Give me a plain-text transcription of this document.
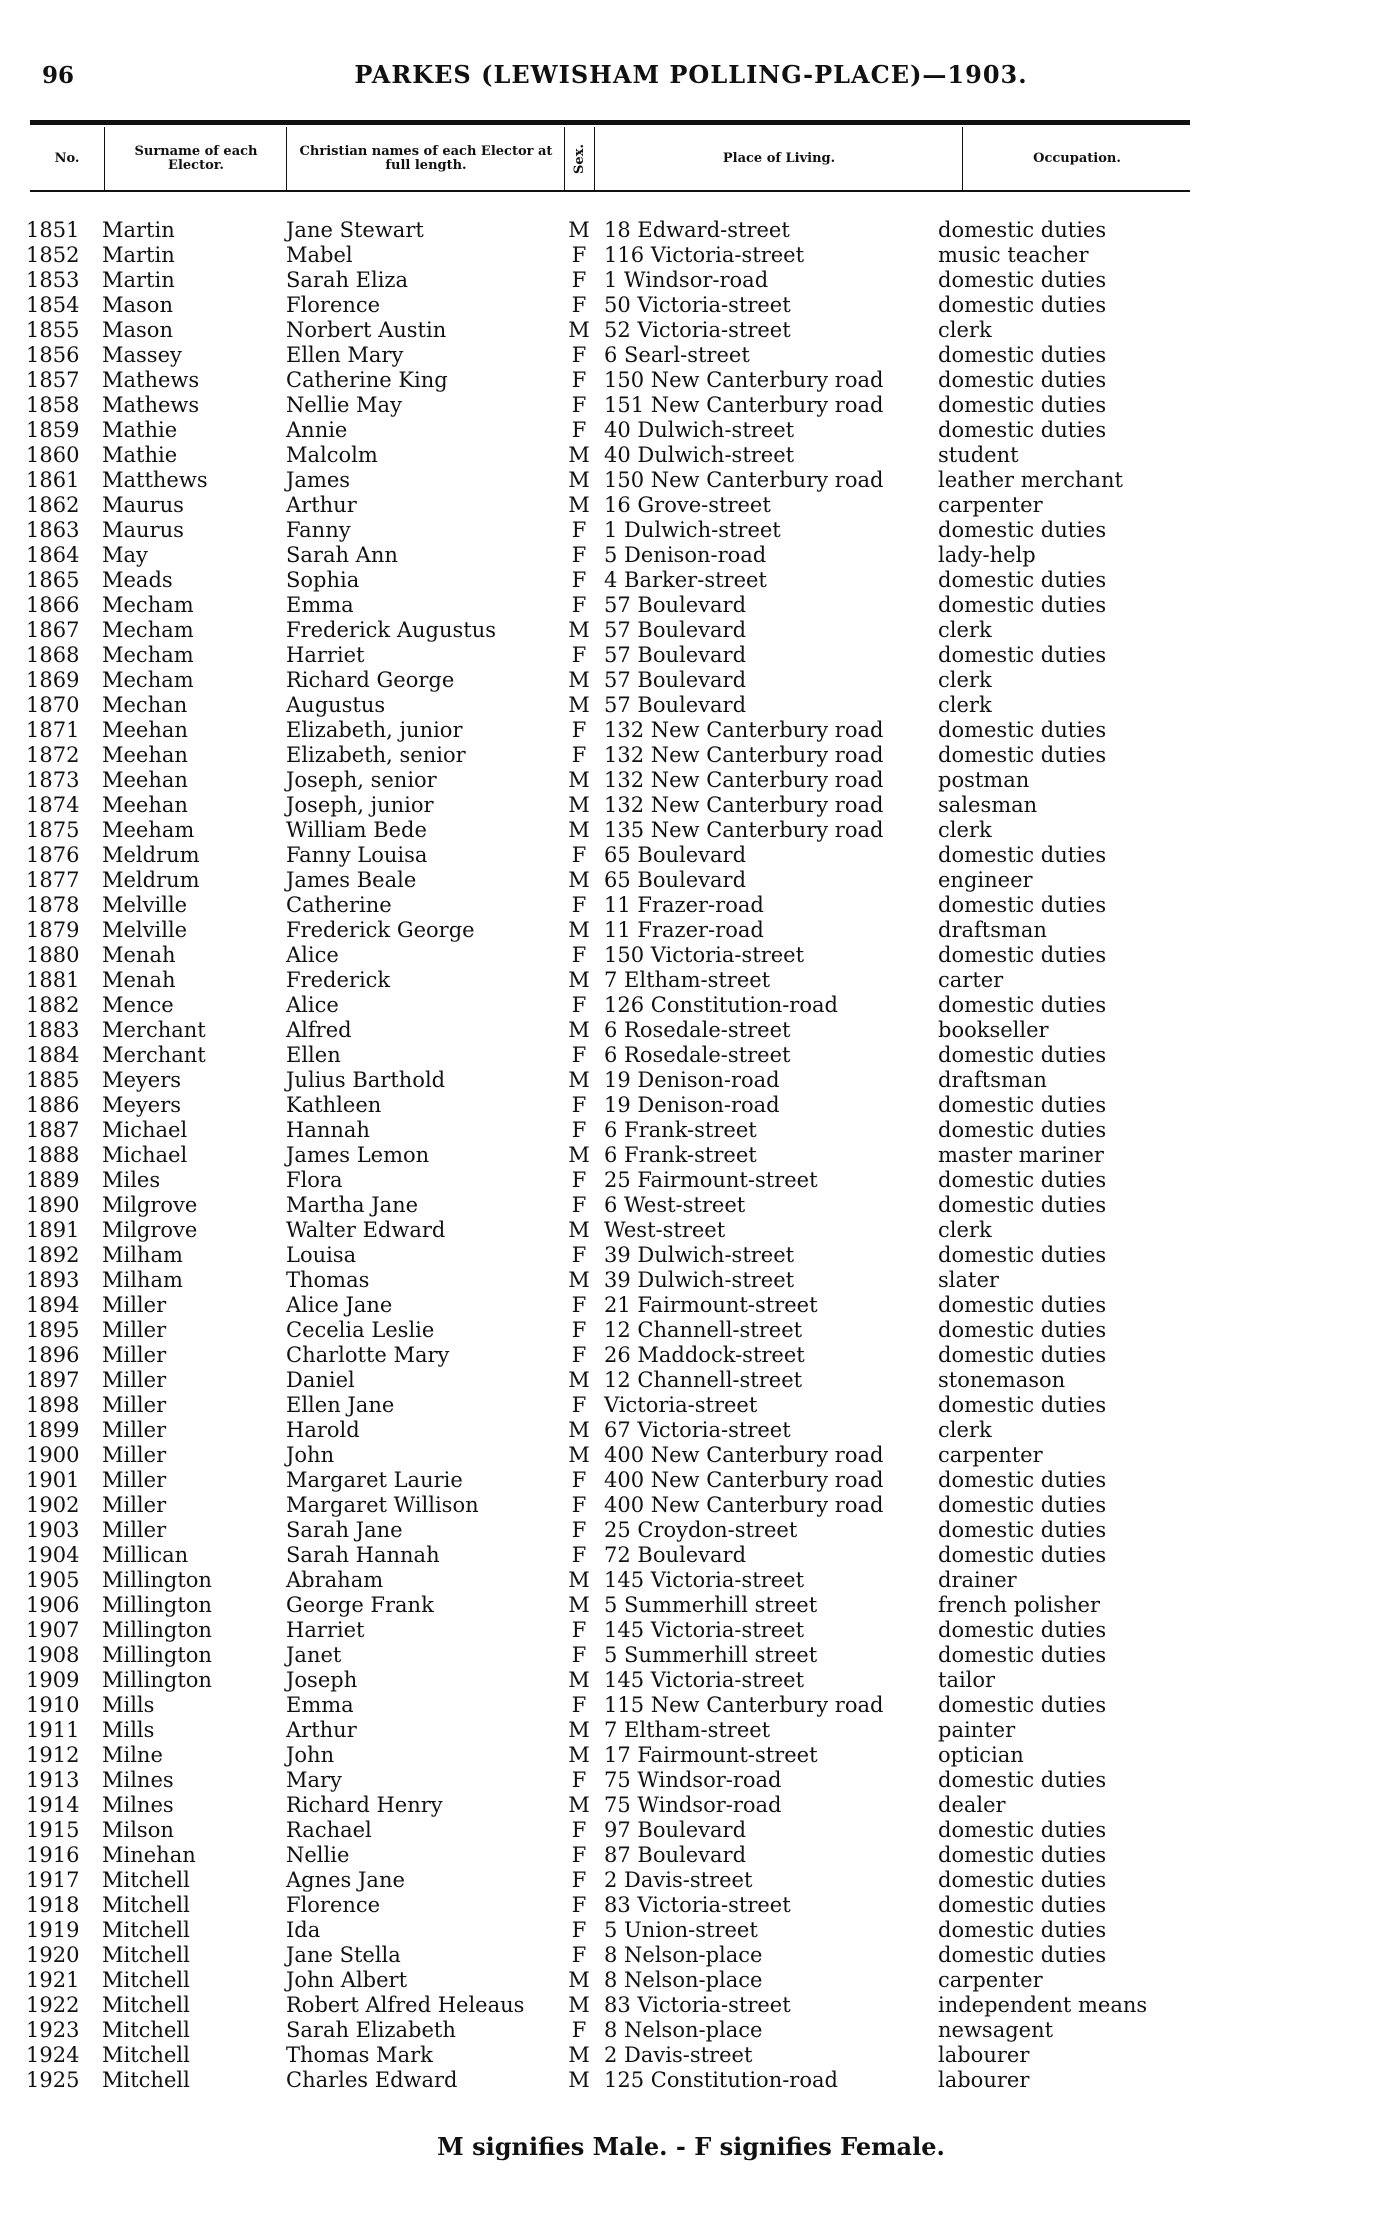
96	PARKES (LEWISHAM POLLING-PLACE)—1903.
No.	Surname of each Elector.
Christian names of each Elector at full length.	Sex.	Place of Living.	Occupation.
1851 Martin	Jane Stewart	M 18 Edward-street	domestic duties
1852 Martin	Mabel	F 116 Victoria-street	music teacher
1853 Martin	Sarah Eliza	F 1 Windsor-road	domestic duties
1854 Mason	Florence	F 50 Victoria-street	domestic duties
1855 Mason	Norbert Austin	M 52 Victoria-street	clerk
1856 Massey	Ellen Mary	F 6 Searl-street	domestic duties
1857 Mathews	Catherine King	F 150 New Canterbury road	domestic duties
1858 Mathews	Nellie May	F 151 New Canterbury road	domestic duties
1859 Mathie	Annie	F 40 Dulwich-street	domestic duties
1860 Mathie	Malcolm	M 40 Dulwich-street	student
1861 Matthews	James	M 150 New Canterbury road	leather merchant
1862 Maurus	Arthur	M 16 Grove-street	carpenter
1863 Maurus	Fanny	F 1 Dulwich-street	domestic duties
1864 May	Sarah Ann	F 5 Denison-road	lady-help
1865 Meads	Sophia	F 4 Barker-street	domestic duties
1866 Mecham	Emma	F 57 Boulevard	domestic duties
1867 Mecham	Frederick Augustus	M 57 Boulevard	clerk
1868 Mecham	Harriet	F 57 Boulevard	domestic duties
1869 Mecham	Richard George	M 57 Boulevard	clerk
1870 Mechan	Augustus	M 57 Boulevard	clerk
1871 Meehan	Elizabeth, junior	F 132 New Canterbury road	domestic duties
1872 Meehan	Elizabeth, senior	F 132 New Canterbury road	domestic duties
1873 Meehan	Joseph, senior	M 132 New Canterbury road	postman
1874 Meehan	Joseph, junior	M 132 New Canterbury road	salesman
1875 Meeham	William Bede	M 135 New Canterbury road	clerk
1876 Meldrum	Fanny Louisa	F 65 Boulevard	domestic duties
1877 Meldrum	James Beale	M 65 Boulevard	engineer
1878 Melville	Catherine	F 11 Frazer-road	domestic duties
1879 Melville	Frederick George	M 11 Frazer-road	draftsman
1880 Menah	Alice	F 150 Victoria-street	domestic duties
1881 Menah	Frederick	M 7 Eltham-street	carter
1882 Mence	Alice	F 126 Constitution-road	domestic duties
1883 Merchant	Alfred	M 6 Rosedale-street	bookseller
1884 Merchant	Ellen	F 6 Rosedale-street	domestic duties
1885 Meyers	Julius Barthold	M 19 Denison-road	draftsman
1886 Meyers	Kathleen	F 19 Denison-road	domestic duties
1887 Michael	Hannah	F 6 Frank-street	domestic duties
1888 Michael	James Lemon	M 6 Frank-street	master mariner
1889 Miles	Flora	F 25 Fairmount-street	domestic duties
1890 Milgrove	Martha Jane	F 6 West-street	domestic duties
1891 Milgrove	Walter Edward	M West-street	clerk
1892 Milham	Louisa	F 39 Dulwich-street	domestic duties
1893 Milham	Thomas	M 39 Dulwich-street	slater
1894 Miller	Alice Jane	F 21 Fairmount-street	domestic duties
1895 Miller	Cecelia Leslie	F 12 Channell-street	domestic duties
1896 Miller	Charlotte Mary	F 26 Maddock-street	domestic duties
1897 Miller	Daniel	M 12 Channell-street	stonemason
1898 Miller	Ellen Jane	F Victoria-street	domestic duties
1899 Miller	Harold	M 67 Victoria-street	clerk
1900 Miller	John	M 400 New Canterbury road	carpenter
1901 Miller	Margaret Laurie	F 400 New Canterbury road	domestic duties
1902 Miller	Margaret Willison	F 400 New Canterbury road	domestic duties
1903 Miller	Sarah Jane	F 25 Croydon-street	domestic duties
1904 Millican	Sarah Hannah	F 72 Boulevard	domestic duties
1905 Millington	Abraham	M 145 Victoria-street	drainer
1906 Millington	George Frank	M 5 Summerhill street	french polisher
1907 Millington	Harriet	F 145 Victoria-street	domestic duties
1908 Millington	Janet	F 5 Summerhill street	domestic duties
1909 Millington	Joseph	M 145 Victoria-street	tailor
1910 Mills	Emma	F 115 New Canterbury road	domestic duties
1911 Mills	Arthur	M 7 Eltham-street	painter
1912 Milne	John	M 17 Fairmount-street	optician
1913 Milnes	Mary	F 75 Windsor-road	domestic duties
1914 Milnes	Richard Henry	M 75 Windsor-road	dealer
1915 Milson	Rachael	F 97 Boulevard	domestic duties
1916 Minehan	Nellie	F 87 Boulevard	domestic duties
1917 Mitchell	Agnes Jane	F 2 Davis-street	domestic duties
1918 Mitchell	Florence	F 83 Victoria-street	domestic duties
1919 Mitchell	Ida	F 5 Union-street	domestic duties
1920 Mitchell	Jane Stella	F 8 Nelson-place	domestic duties
1921 Mitchell	John Albert	M 8 Nelson-place	carpenter
1922 Mitchell	Robert Alfred Heleaus M 83 Victoria-street	independent means
1923 Mitchell	Sarah Elizabeth	F 8 Nelson-place	newsagent
1924 Mitchell	Thomas Mark	M 2 Davis-street	labourer
1925 Mitchell	Charles Edward	M 125 Constitution-road	labourer
M signifies Male. - F signifies Female.
